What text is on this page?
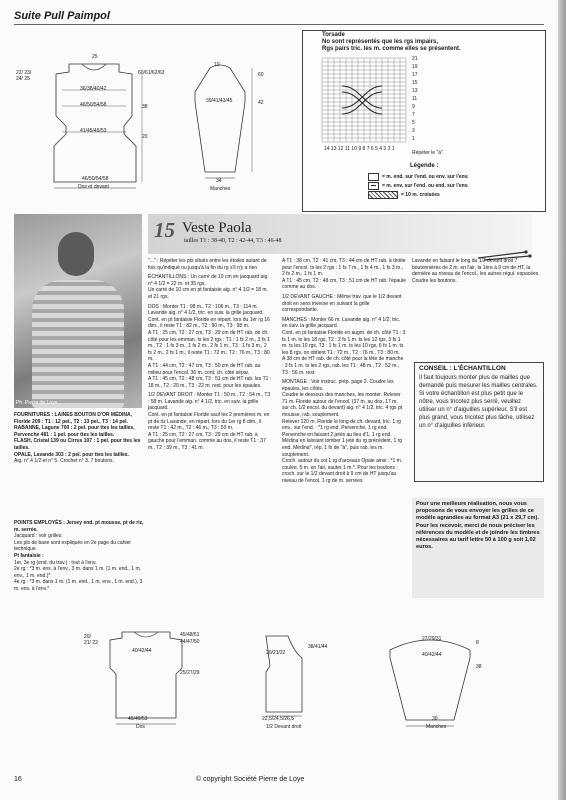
Suite Pull Paimpol
25
22/ 23/ 24/ 25
60/61/62/63
36/38/40/42
46/50/54/58	38
41/45/49/53
20
46/50/54/58
Dos et devant
10
60
39/41/43/45	42
34
Manches
Torsade
No sont représentés que les rgs impairs,
Rgs pairs tric. les m. comme elles se présentent.
21
19
17
15
13
11
9
7
5
3
1
14 13 12 11 10 9 8 7 6 5 4 3 2 1
Répéter le "à"
Légende :
= m. end. sur l'end. ou env. sur l'env.
= m. env. sur l'end. ou end. sur l'env.
= 10 m. croisées
Ph. Pierre de Loye
15 Veste Paola
tailles T1 : 38-40, T2 : 42-44, T3 : 46-48
FOURNITURES : LAINES BOUTON D'OR MÉDINA, Floride 209 : T1 : 12 pel., T2 : 13 pel., T3 : 14 pel.
RABANNE, Lagune 700 : 2 pel. pour ttes les tailles, Pervenche 481 : 1 pel. pour ttes les tailles.
FLASH, Cristal 139 ou Cirrus 107 : 1 pel. pour ttes les tailles.
OPALE, Lavande 303 : 2 pel. pour ttes les tailles.
Aig. n° 4 1/2 et n° 5. Crochet n° 3. 7 boutons.
POINTS EMPLOYÉS : Jersey end. pt mousse, pt de riz, m. serrée.
Jacquard : voir grilles.
Les pts de base sont expliqués en 2e page du cahier technique.
Pt fantaisie :
1er, 3e rg (end. du trav.) : tout à l'env.
2e rg : *3 m. ens. à l'env., 3 m. dans 1 m. (1 m. end., 1 m. env., 1 m. end.)*
4e rg : *3 m. dans 1 m. (1 m. end., 1 m. env., 1 m. end.), 3 m. ens. à l'env.*
"..." : Répéter les pts situés entre les étoiles autant de fois qu'indiqué ou jusqu'à la fin du rg s'il n'y a rien
ÉCHANTILLONS : Un carré de 10 cm en jacquard aig. n° 4 1/2 = 22 m. et 35 rgs.
Un carré de 10 cm en pt fantaisie aig. n° 4 1/2 = 18 m. et 21 rgs.
DOS : Monter T1 : 98 m., T2 : 106 m., T3 : 114 m. Lavande aig. n° 4 1/2, tric. en suiv. la grille jacquard.
Cont. en pt fantaisie Floride en répart. lors du 1er rg 16 dim., il reste T1 : 82 m., T2 : 90 m., T3 : 98 m.
A T1 : 25 cm, T2 : 27 cm, T3 : 29 cm de HT rab. de ch. côté pour les emman. ts les 2 rgs : T1 : 1 fs 2 m., 3 fs 1 m., T2 : 1 fs 3 m., 1 fs 2 m., 2 fs 1 m., T3 : 1 fs 3 m., 2 fs 2 m., 2 fs 1 m., il reste T1 : 72 m., T2 : 76 m., T3 : 80 m.
A T1 : 44 cm, T2 : 47 cm, T3 : 50 cm de HT rab. au milieu pour l'encol. 36 m. cont. ch. côté sépar.
A T1 : 45 cm, T2 : 48 cm, T3 : 51 cm de HT rab. les T1 : 18 m., T2 : 20 m., T3 : 22 m. rest. pour les épaules.
1/2 DEVANT DROIT : Monter T1 : 50 m., T2 : 54 m., T3 : 58 m. Lavande aig. n° 4 1/2, tric. en suiv. la grille jacquard.
Cont. en pt fantaisie Floride sauf les 2 premières m. en pt de riz Lavande, en répart. lors du 1er rg 8 dim., il reste T1 : 42 m., T2 : 46 m., T3 : 50 m.
A T1 : 25 cm, T2 : 27 cm, T3 : 29 cm de HT rab. à gauche pour l'emman. comme au dos, il reste T1 : 37 m., T2 : 39 m., T3 : 41 m.
A T1 : 38 cm, T2 : 41 cm, T3 : 44 cm de HT rab. à droite pour l'encol. ts les 2 rgs : 1 fs 7 m., 1 fs 4 m., 1 fs 3 m., 2 fs 2 m., 1 fs 1 m.
A T1 : 45 cm, T2 : 48 cm, T3 : 51 cm de HT rab. l'épaule comme au dos.
1/2 DEVANT GAUCHE : Même trav. que le 1/2 devant droit en sens inverse en suivant la grille correspondante.
MANCHES : Monter 66 m. Lavande aig. n° 4 1/2, tric. en suiv. la grille jacquard.
Cont. en pt fantaisie Floride en augm. de ch. côté T1 : 3 fs 1 m. ts les 18 rgs, T2 : 2 fs 1 m. ts les 12 rgs, 3 fs 1 m. ts les 10 rgs, T3 : 1 fs 1 m. ts les 10 rgs, 6 fs 1 m. ts les 8 rgs, on obtient T1 : 72 m., T2 : 76 m., T3 : 80 m.
A 38 cm de HT rab. de ch. côté pour la tête de manche : 3 fs 1 m. ts les 2 rgs, rab. les T1 : 48 m., T2 : 52 m., T3 : 56 m. rest.
MONTAGE : Voir instruc. prép. page 2. Coudre les épaules, les côtés.
Coudre le dessous des manches, les monter. Relever 71 m. Floride autour de l'encol. (37 m. au dos, 17 m. sur ch. 1/2 encol. du devant) aig. n° 4 1/2, tric. 4 rgs pt mousse, rab. souplement.
Relever 120 m. Floride le long de ch. devant, tric. 1 rg env., sur l'end. : *1 rg end. Pervenche, 1 rg end. Pervenche en faisant 2 jetés au lieu d'1, 1 rg end. Médina en laissant tomber 1 jeté du rg précédent, 1 rg end. Médina*, rép. 1 fs de "à", puis rab. les m. souplement.
Croch. autour du col 1 rg d'arceaux Opale ainsi : *1 m. coulée, 5 m. en l'air, sauter 1 m.*. Pour les boutons : croch. sur le 1/2 devant droit à 9 cm de HT jusqu'au niveau de l'encol. 1 rg de m. serrées
Lavande en faisant le long du 1/2 devant droit 7 boutonnières de 2 m. en l'air, la 1ère à 9 cm de HT, la dernière au niveau de l'encol., les autres régul. espacées.
Coudre les boutons.
CONSEIL : L'ÉCHANTILLON
Il faut toujours monter plus de mailles que demandé puis mesurer les mailles centrales. Si votre échantillon est plus petit que le nôtre, vous tricotez plus serré, veuillez utiliser un n° d'aiguilles supérieur. S'il est plus grand, vous tricotez plus lâche, utilisez un n° d'aiguilles inférieur.
Pour une meilleure réalisation, nous vous proposons de vous envoyer les grilles de ce modèle agrandies au format A3 (21 x 29,7 cm). Pour les recevoir, merci de nous préciser les références du modèle et de joindre les timbres nécessaires au tarif lettre 50 à 100 g soit 1,02 euros.
20/ 21/ 22
45/48/51
44/47/50
40/42/44
25/27/29
45/49/53
Dos
20/21/22
38/41/44
22,5/24,5/26,5
1/2 Devant droit
27/29/31
40/42/44
8
38
30
Manches
16	© copyright Société Pierre de Loye
